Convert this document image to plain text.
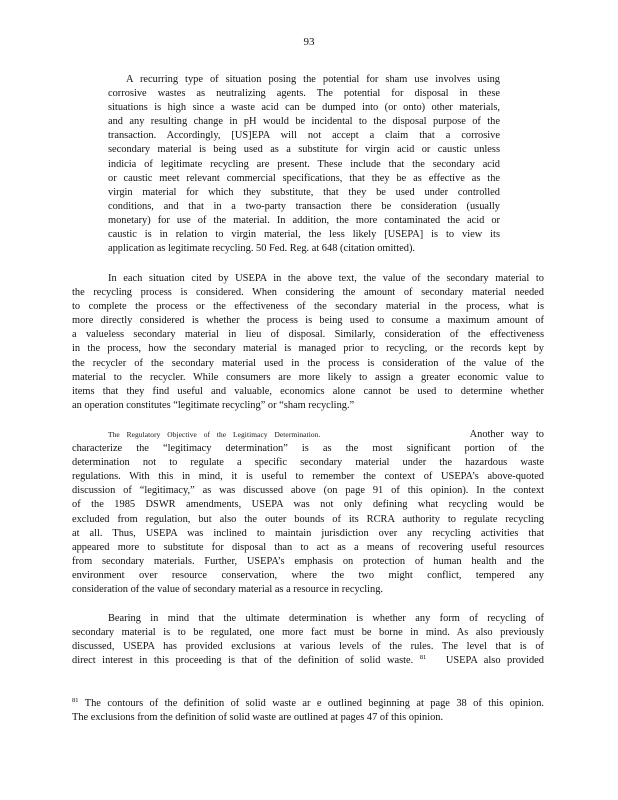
93
A recurring type of situation posing the potential for sham use involves using
corrosive wastes as neutralizing agents. The potential for disposal in these
situations is high since a waste acid can be dumped into (or onto) other materials,
and any resulting change in pH would be incidental to the disposal purpose of the
transaction. Accordingly, [US]EPA will not accept a claim that a corrosive
secondary material is being used as a substitute for virgin acid or caustic unless
indicia of legitimate recycling are present. These include that the secondary acid
or caustic meet relevant commercial specifications, that they be as effective as the
virgin material for which they substitute, that they be used under controlled
conditions, and that in a two-party transaction there be consideration (usually
monetary) for use of the material. In addition, the more contaminated the acid or
caustic is in relation to virgin material, the less likely [USEPA] is to view its
application as legitimate recycling. 50 Fed. Reg. at 648 (citation omitted).
In each situation cited by USEPA in the above text, the value of the secondary material to
the recycling process is considered. When considering the amount of secondary material needed
to complete the process or the effectiveness of the secondary material in the process, what is
more directly considered is whether the process is being used to consume a maximum amount of
a valueless secondary material in lieu of disposal. Similarly, consideration of the effectiveness
in the process, how the secondary material is managed prior to recycling, or the records kept by
the recycler of the secondary material used in the process is consideration of the value of the
material to the recycler. While consumers are more likely to assign a greater economic value to
items that they find useful and valuable, economics alone cannot be used to determine whether
an operation constitutes “legitimate recycling” or “sham recycling.”
The Regulatory Objective of the Legitimacy Determination.	Another way to
characterize the “legitimacy determination” is as the most significant portion of the
determination not to regulate a specific secondary material under the hazardous waste
regulations. With this in mind, it is useful to remember the context of USEPA’s above-quoted
discussion of “legitimacy,” as was discussed above (on page 91 of this opinion). In the context
of the 1985 DSWR amendments, USEPA was not only defining what recycling would be
excluded from regulation, but also the outer bounds of its RCRA authority to regulate recycling
at all. Thus, USEPA was inclined to maintain jurisdiction over any recycling activities that
appeared more to substitute for disposal than to act as a means of recovering useful resources
from secondary materials. Further, USEPA’s emphasis on protection of human health and the
environment over resource conservation, where the two might conflict, tempered any
consideration of the value of secondary material as a resource in recycling.
Bearing in mind that the ultimate determination is whether any form of recycling of
secondary material is to be regulated, one more fact must be borne in mind. As also previously
discussed, USEPA has provided exclusions at various levels of the rules. The level that is of
direct interest in this proceeding is that of the definition of solid waste. $^{81}$ USEPA also provided
$^{81}$ The contours of the definition of solid waste ar e outlined beginning at page 38 of this opinion.
The exclusions from the definition of solid waste are outlined at pages 47 of this opinion.
